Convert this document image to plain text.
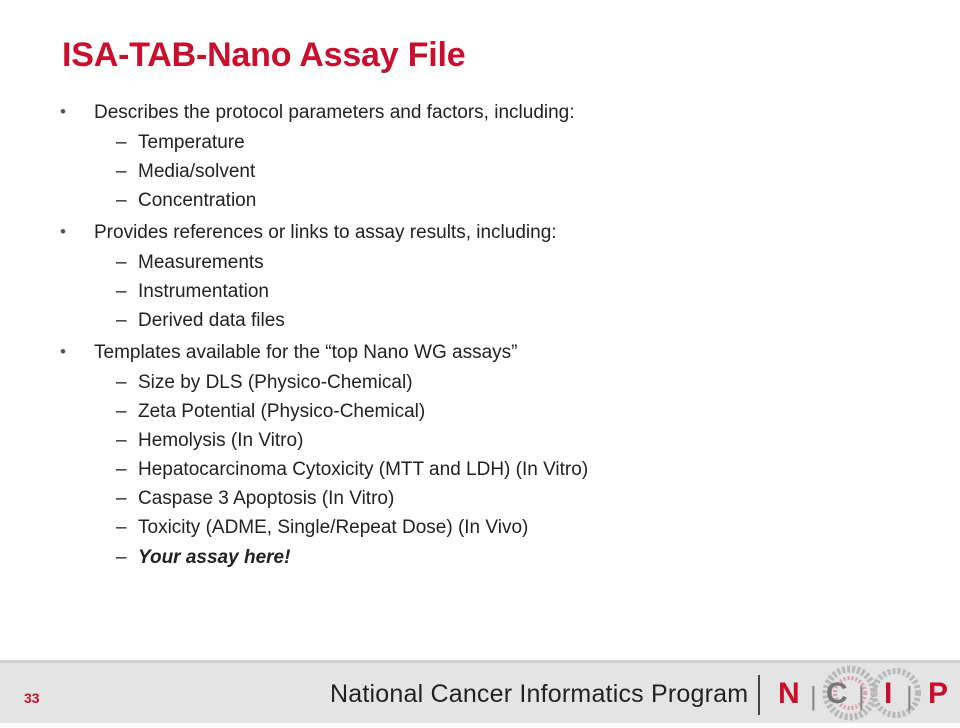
ISA-TAB-Nano Assay File
• Describes the protocol parameters and factors, including:
– Temperature
– Media/solvent
– Concentration
• Provides references or links to assay results, including:
– Measurements
– Instrumentation
– Derived data files
• Templates available for the “top Nano WG assays”
– Size by DLS (Physico-Chemical)
– Zeta Potential (Physico-Chemical)
– Hemolysis (In Vitro)
– Hepatocarcinoma Cytoxicity (MTT and LDH) (In Vitro)
– Caspase 3 Apoptosis (In Vitro)
– Toxicity (ADME, Single/Repeat Dose) (In Vivo)
– Your assay here!
33	National Cancer Informatics Program N | C | I | P
